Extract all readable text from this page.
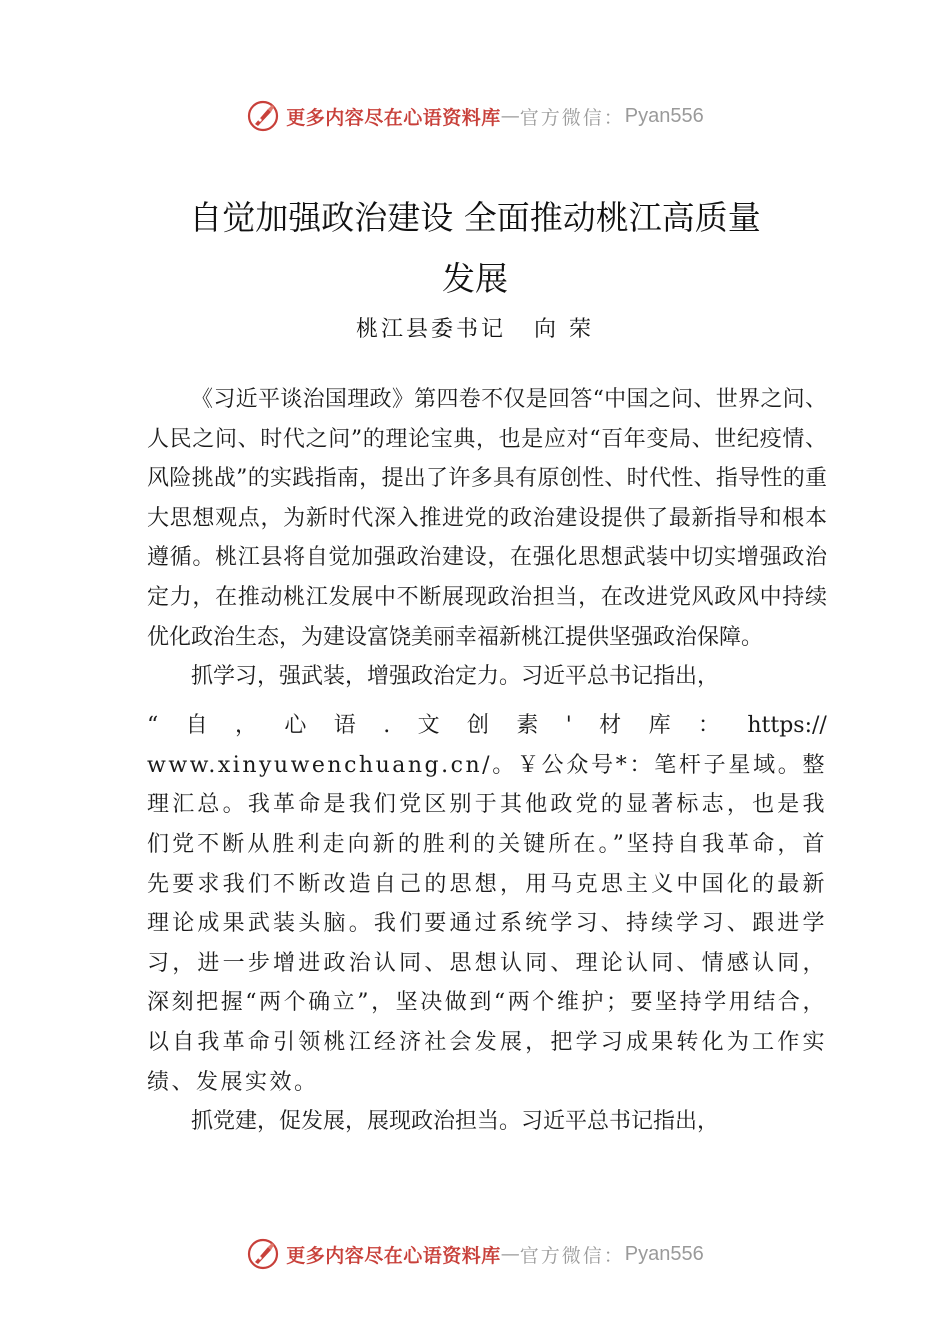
更多内容尽在心语资料库 — 官方微信： Pyan556
自觉加强政治建设 全面推动桃江高质量
发展
桃江县委书记 向 荣

《习近平谈治国理政》第四卷不仅是回答“中国之问、世界之问、人民之问、时代之问”的理论宝典，也是应对“百年变局、世纪疫情、风险挑战”的实践指南，提出了许多具有原创性、时代性、指导性的重大思想观点，为新时代深入推进党的政治建设提供了最新指导和根本遵循。桃江县将自觉加强政治建设，在强化思想武装中切实增强政治定力，在推动桃江发展中不断展现政治担当，在改进党风政风中持续优化政治生态，为建设富饶美丽幸福新桃江提供坚强政治保障。

抓学习，强武装，增强政治定力。习近平总书记指出，

“ 自 ， 心 语 . 文 创 素 ' 材 库 ： https://

www.xinyuwenchuang.cn/。￥公众号*：笔杆子星域。整理汇总。我革命是我们党区别于其他政党的显著标志，也是我们党不断从胜利走向新的胜利的关键所在。”坚持自我革命，首先要求我们不断改造自己的思想，用马克思主义中国化的最新理论成果武装头脑。我们要通过系统学习、持续学习、跟进学习，进一步增进政治认同、思想认同、理论认同、情感认同，深刻把握“两个确立”，坚决做到“两个维护；要坚持学用结合，以自我革命引领桃江经济社会发展，把学习成果转化为工作实绩、发展实效。

抓党建，促发展，展现政治担当。习近平总书记指出，

更多内容尽在心语资料库 — 官方微信： Pyan556
